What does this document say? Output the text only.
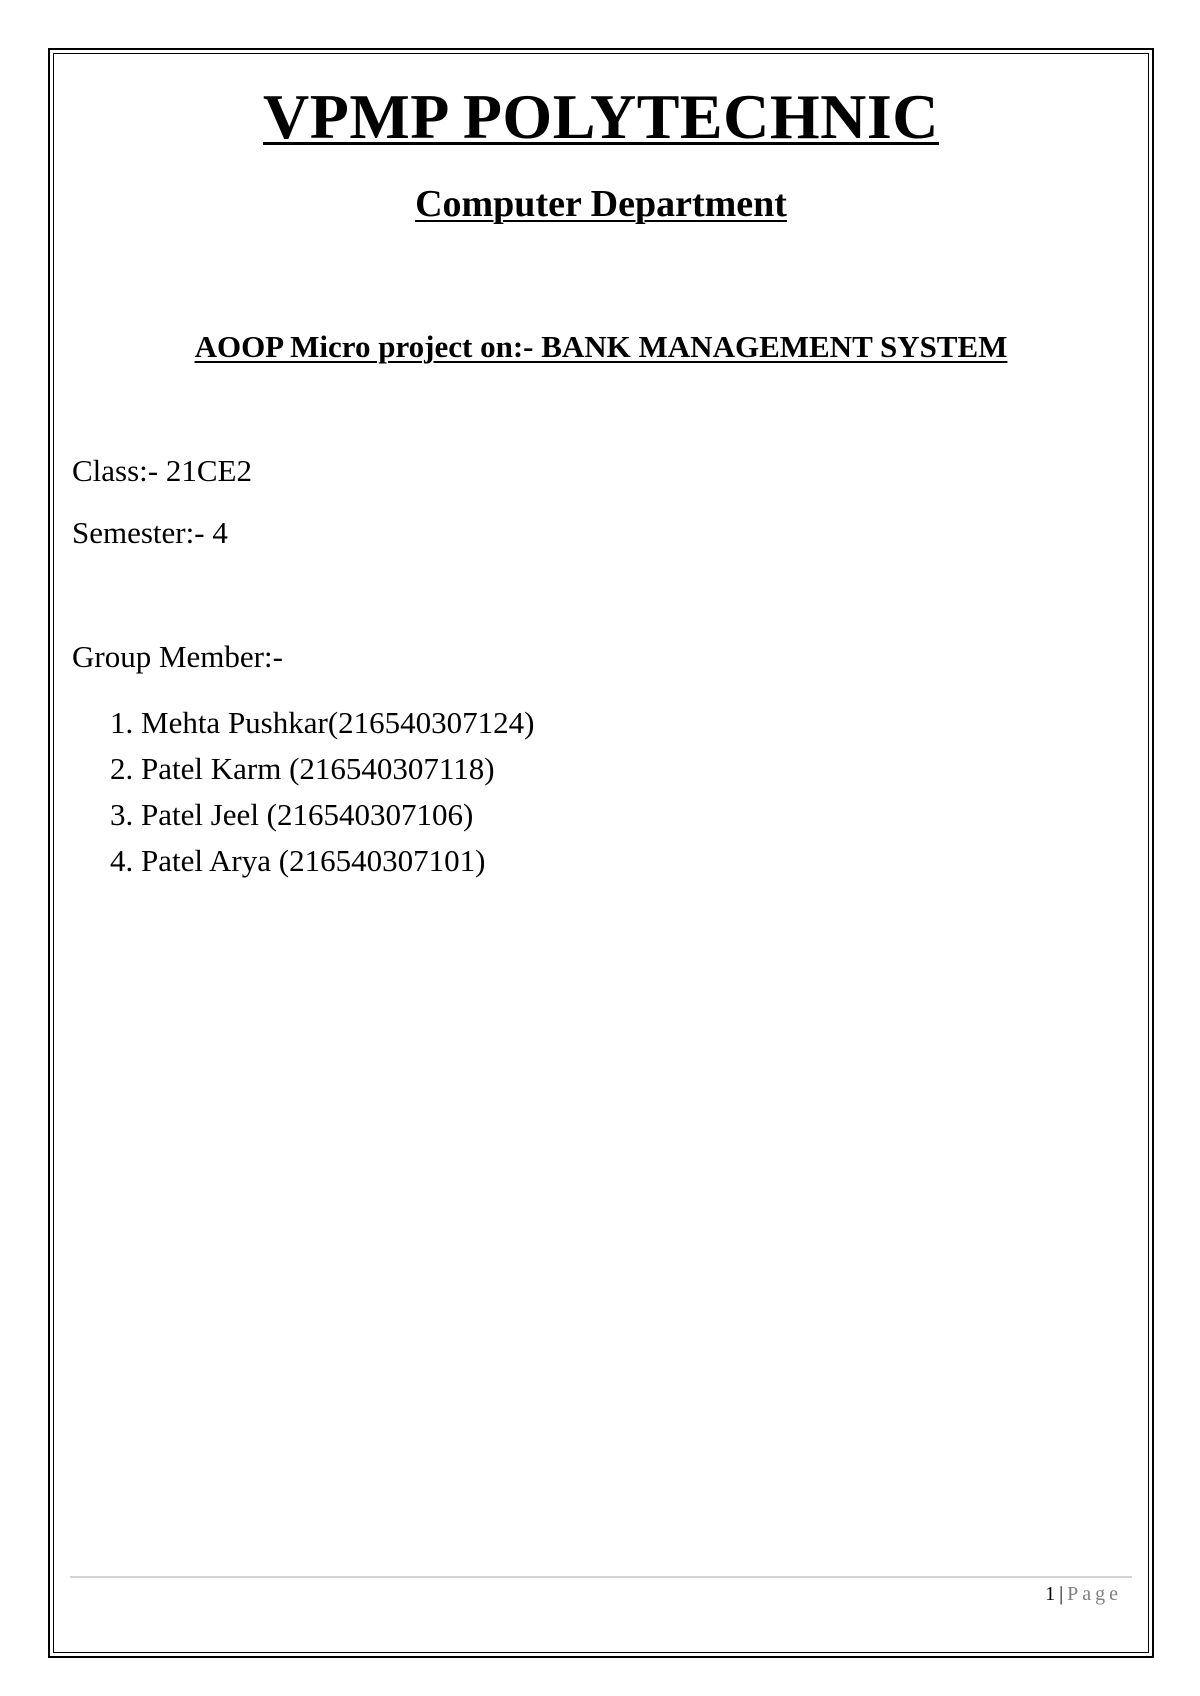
VPMP POLYTECHNIC
Computer Department
AOOP Micro project on:- BANK MANAGEMENT SYSTEM
Class:- 21CE2
Semester:- 4
Group Member:-
1. Mehta Pushkar(216540307124)
2. Patel Karm (216540307118)
3. Patel Jeel (216540307106)
4. Patel Arya (216540307101)
1 | Page
